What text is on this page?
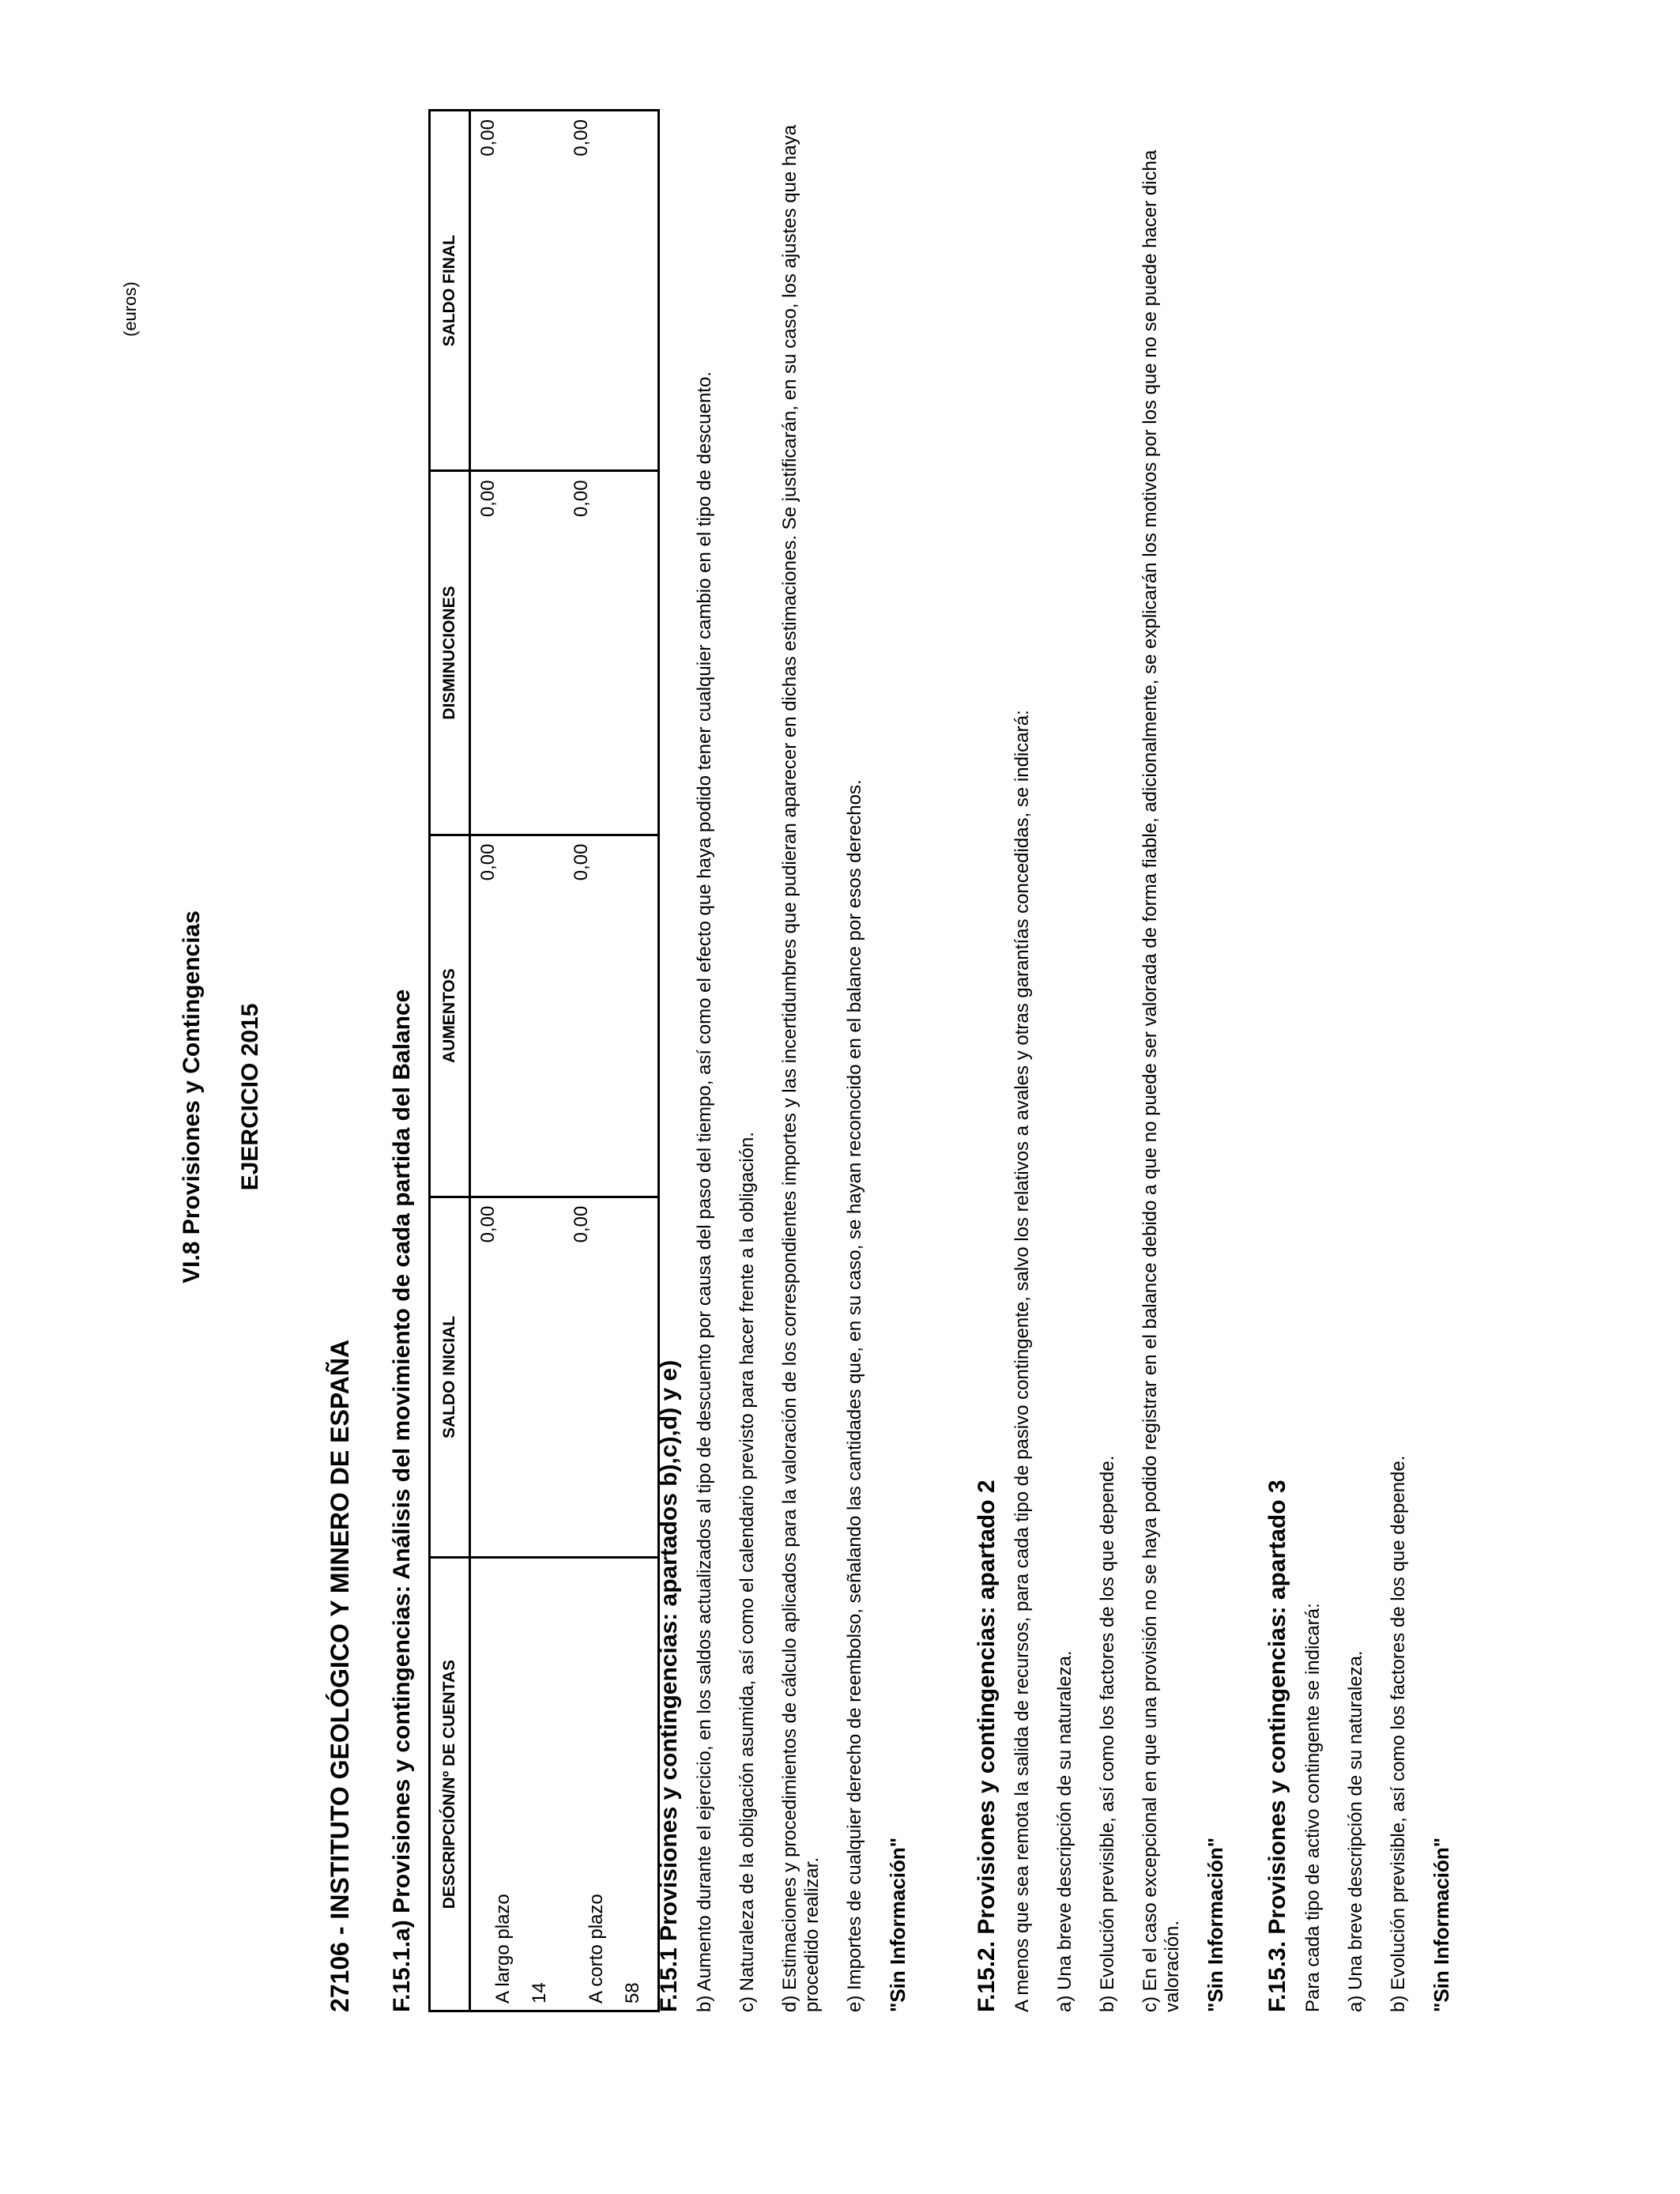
VI.8 Provisiones y Contingencias EJERCICIO 2015
(euros)
27106 - INSTITUTO GEOLÓGICO Y MINERO DE ESPAÑA F.15.1.a) Provisiones y contingencias: Análisis del movimiento de cada partida del Balance DESCRIPCIÓN/Nº DE CUENTAS	SALDO INICIAL	AUMENTOS	DISMINUCIONES	SALDO FINAL

A largo plazo 14	0,00	0,00	0,00	0,00

A corto plazo 58	0,00	0,00	0,00	0,00
F.15.1 Provisiones y contingencias: apartados b),c),d) y e) b) Aumento durante el ejercicio, en los saldos actualizados al tipo de descuento por causa del paso del tiempo, así como el efecto que haya podido tener cualquier cambio en el tipo de descuento. c) Naturaleza de la obligación asumida, así como el calendario previsto para hacer frente a la obligación. d) Estimaciones y procedimientos de cálculo aplicados para la valoración de los correspondientes importes y las incertidumbres que pudieran aparecer en dichas estimaciones. Se justificarán, en su caso, los ajustes que haya procedido realizar. e) Importes de cualquier derecho de reembolso, señalando las cantidades que, en su caso, se hayan reconocido en el balance por esos derechos. "Sin Información"	F.15.2. Provisiones y contingencias: apartado 2 A menos que sea remota la salida de recursos, para cada tipo de pasivo contingente, salvo los relativos a avales y otras garantías concedidas, se indicará: a) Una breve descripción de su naturaleza. b) Evolución previsible, así como los factores de los que depende. c) En el caso excepcional en que una provisión no se haya podido registrar en el balance debido a que no puede ser valorada de forma fiable, adicionalmente, se explicarán los motivos por los que no se puede hacer dicha valoración. "Sin Información" F.15.3. Provisiones y contingencias: apartado 3 Para cada tipo de activo contingente se indicará: a) Una breve descripción de su naturaleza. b) Evolución previsible, así como los factores de los que depende. "Sin Información"
